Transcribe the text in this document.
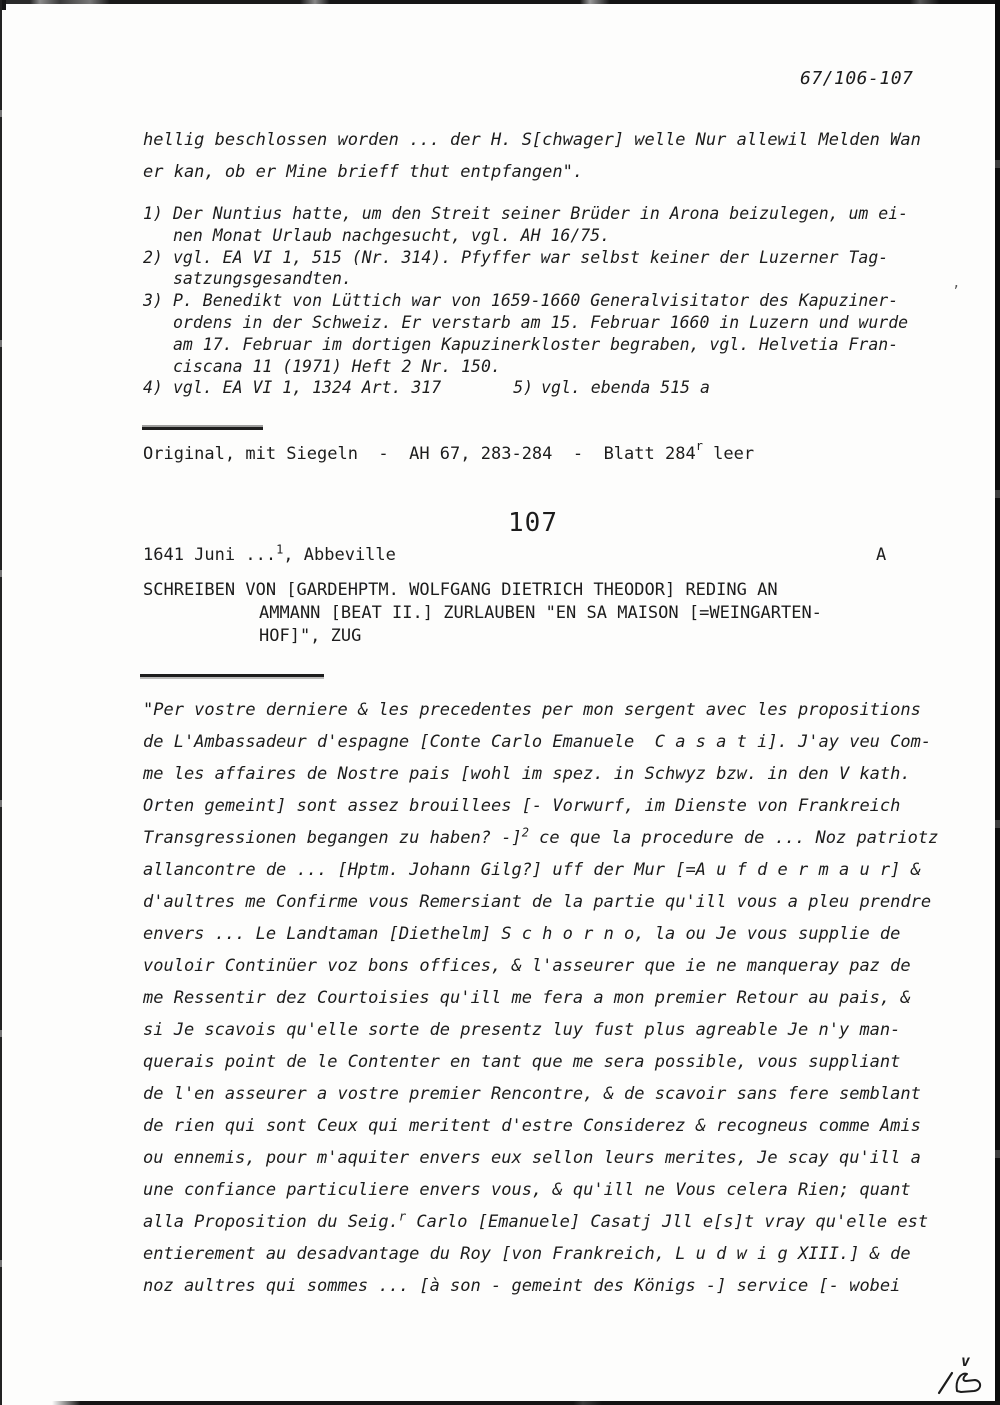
67/106-107
hellig beschlossen worden ... der H. S[chwager] welle Nur allewil Melden Wan
er kan, ob er Mine brieff thut entpfangen".
1) Der Nuntius hatte, um den Streit seiner Brüder in Arona beizulegen, um ei-
nen Monat Urlaub nachgesucht, vgl. AH 16/75.
2) vgl. EA VI 1, 515 (Nr. 314). Pfyffer war selbst keiner der Luzerner Tag-
satzungsgesandten.
3) P. Benedikt von Lüttich war von 1659-1660 Generalvisitator des Kapuziner-
ordens in der Schweiz. Er verstarb am 15. Februar 1660 in Luzern und wurde
am 17. Februar im dortigen Kapuzinerkloster begraben, vgl. Helvetia Fran-
ciscana 11 (1971) Heft 2 Nr. 150.
4) vgl. EA VI 1, 1324 Art. 317	5) vgl. ebenda 515 a
’
Original, mit Siegeln  -  AH 67, 283-284  -  Blatt 284$^r$ leer
107
1641 Juni ...$^1$, Abbeville	A
SCHREIBEN VON [GARDEHPTM. WOLFGANG DIETRICH THEODOR] REDING AN
AMMANN [BEAT II.] ZURLAUBEN "EN SA MAISON [=WEINGARTEN-
HOF]", ZUG
"Per vostre derniere & les precedentes per mon sergent avec les propositions
de L'Ambassadeur d'espagne [Conte Carlo Emanuele  C a s a t i]. J'ay veu Com-
me les affaires de Nostre pais [wohl im spez. in Schwyz bzw. in den V kath.
Orten gemeint] sont assez brouillees [- Vorwurf, im Dienste von Frankreich
Transgressionen begangen zu haben? -]$^2$ ce que la procedure de ... Noz patriotz
allancontre de ... [Hptm. Johann Gilg?] uff der Mur [=A u f d e r m a u r] &
d'aultres me Confirme vous Remersiant de la partie qu'ill vous a pleu prendre
envers ... Le Landtaman [Diethelm] S c h o r n o, la ou Je vous supplie de
vouloir Continüer voz bons offices, & l'asseurer que ie ne manqueray paz de
me Ressentir dez Courtoisies qu'ill me fera a mon premier Retour au pais, &
si Je scavois qu'elle sorte de presentz luy fust plus agreable Je n'y man-
querais point de le Contenter en tant que me sera possible, vous suppliant
de l'en asseurer a vostre premier Rencontre, & de scavoir sans fere semblant
de rien qui sont Ceux qui meritent d'estre Considerez & recogneus comme Amis
ou ennemis, pour m'aquiter envers eux sellon leurs merites, Je scay qu'ill a
une confiance particuliere envers vous, & qu'ill ne Vous celera Rien; quant
alla Proposition du Seig.$^r$ Carlo [Emanuele] Casatj Jll e[s]t vray qu'elle est
entierement au desadvantage du Roy [von Frankreich, L u d w i g XIII.] & de
noz aultres qui sommes ... [à son - gemeint des Königs -] service [- wobei
v
